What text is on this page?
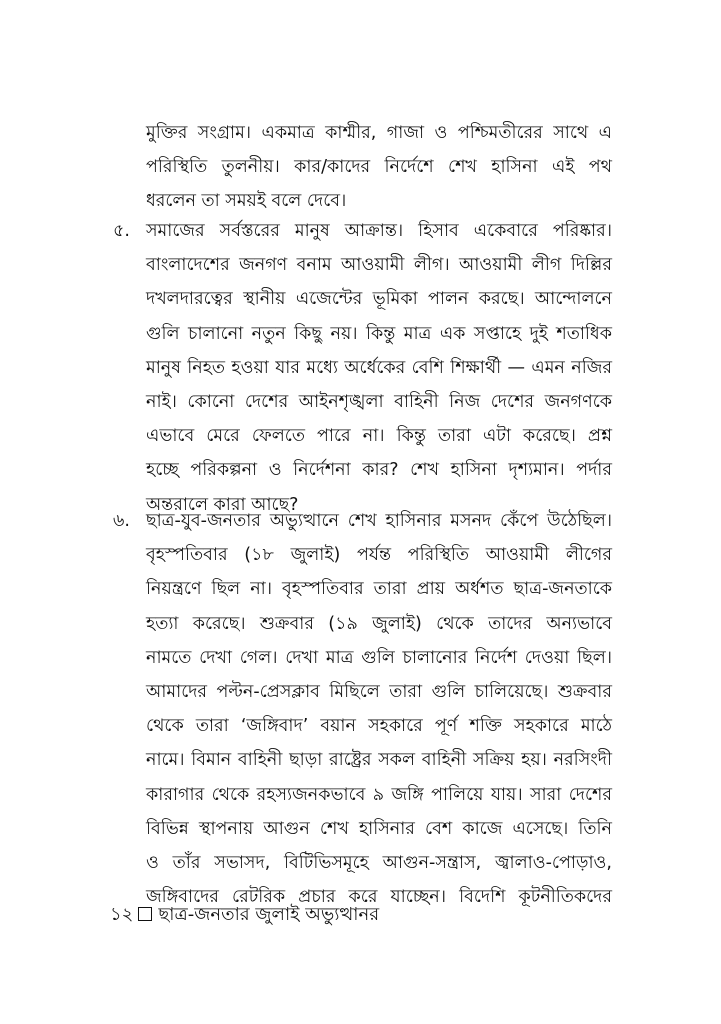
মুক্তির সংগ্রাম। একমাত্র কাশ্মীর, গাজা ও পশ্চিমতীরের সাথে এ
পরিস্থিতি তুলনীয়। কার/কাদের নির্দেশে শেখ হাসিনা এই পথ
ধরলেন তা সময়ই বলে দেবে।
৫. সমাজের সর্বস্তরের মানুষ আক্রান্ত। হিসাব একেবারে পরিষ্কার।
বাংলাদেশের জনগণ বনাম আওয়ামী লীগ। আওয়ামী লীগ দিল্লির
দখলদারত্বের স্থানীয় এজেন্টের ভূমিকা পালন করছে। আন্দোলনে
গুলি চালানো নতুন কিছু নয়। কিন্তু মাত্র এক সপ্তাহে দুই শতাধিক
মানুষ নিহত হওয়া যার মধ্যে অর্ধেকের বেশি শিক্ষার্থী — এমন নজির
নাই। কোনো দেশের আইনশৃঙ্খলা বাহিনী নিজ দেশের জনগণকে
এভাবে মেরে ফেলতে পারে না। কিন্তু তারা এটা করেছে। প্রশ্ন
হচ্ছে পরিকল্পনা ও নির্দেশনা কার? শেখ হাসিনা দৃশ্যমান। পর্দার
অন্তরালে কারা আছে?
৬. ছাত্র-যুব-জনতার অভ্যুত্থানে শেখ হাসিনার মসনদ কেঁপে উঠেছিল।
বৃহস্পতিবার (১৮ জুলাই) পর্যন্ত পরিস্থিতি আওয়ামী লীগের
নিয়ন্ত্রণে ছিল না। বৃহস্পতিবার তারা প্রায় অর্ধশত ছাত্র-জনতাকে
হত্যা করেছে। শুক্রবার (১৯ জুলাই) থেকে তাদের অন্যভাবে
নামতে দেখা গেল। দেখা মাত্র গুলি চালানোর নির্দেশ দেওয়া ছিল।
আমাদের পল্টন-প্রেসক্লাব মিছিলে তারা গুলি চালিয়েছে। শুক্রবার
থেকে তারা ‘জঙ্গিবাদ’ বয়ান সহকারে পূর্ণ শক্তি সহকারে মাঠে
নামে। বিমান বাহিনী ছাড়া রাষ্ট্রের সকল বাহিনী সক্রিয় হয়। নরসিংদী
কারাগার থেকে রহস্যজনকভাবে ৯ জঙ্গি পালিয়ে যায়। সারা দেশের
বিভিন্ন স্থাপনায় আগুন শেখ হাসিনার বেশ কাজে এসেছে। তিনি
ও তাঁর সভাসদ, বিটিভিসমূহে আগুন-সন্ত্রাস, জ্বালাও-পোড়াও,
জঙ্গিবাদের রেটরিক প্রচার করে যাচ্ছেন। বিদেশি কূটনীতিকদের
১২ ছাত্র-জনতার জুলাই অভ্যুত্থানর
